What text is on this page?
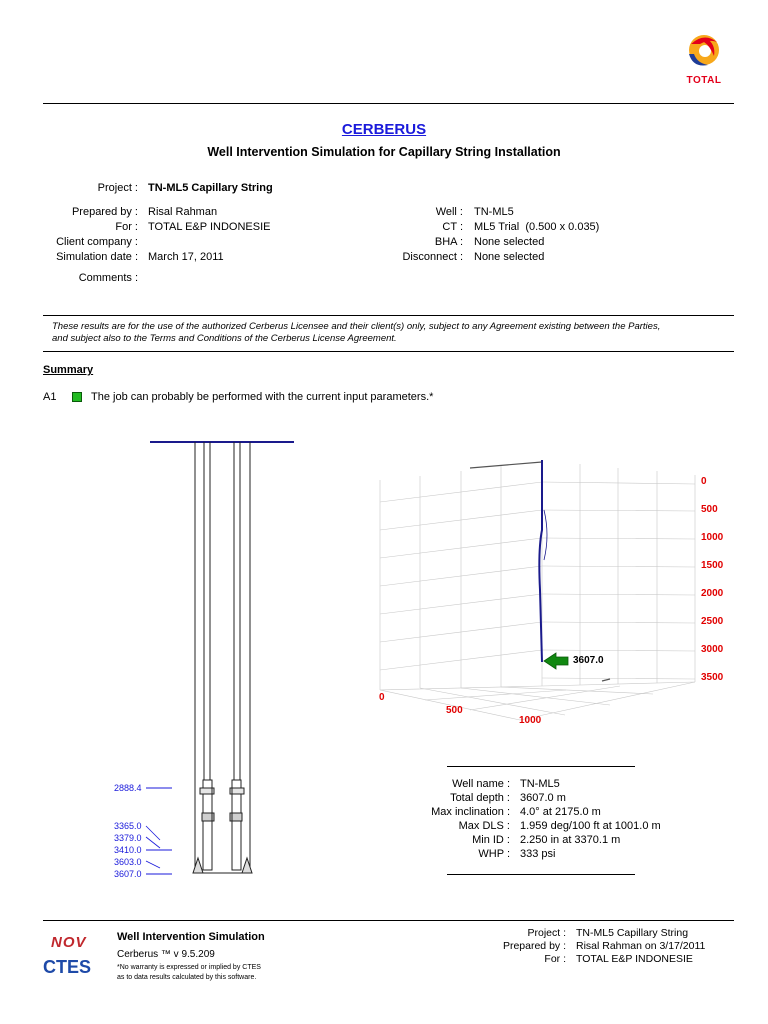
TOTAL
CERBERUS
Well Intervention Simulation for Capillary String Installation
Project : TN-ML5 Capillary String
Prepared by : Risal Rahman
For : TOTAL E&P INDONESIE
Client company :
Simulation date : March 17, 2011
Comments :
Well : TN-ML5
CT : ML5 Trial  (0.500 x 0.035)
BHA : None selected
Disconnect : None selected
These results are for the use of the authorized Cerberus Licensee and their client(s) only, subject to any Agreement existing between the Parties, and subject also to the Terms and Conditions of the Cerberus License Agreement.
Summary
A1	The job can probably be performed with the current input parameters.*
2888.4
3365.0
3379.0
3410.0
3603.0
3607.0
3607.0
0
500
1000
1500
2000
2500
3000
3500
0
500
1000
Well name : TN-ML5
Total depth : 3607.0 m
Max inclination : 4.0° at 2175.0 m
Max DLS : 1.959 deg/100 ft at 1001.0 m
Min ID : 2.250 in at 3370.1 m
WHP : 333 psi
NOV
CTES
Well Intervention Simulation
Cerberus ™ v 9.5.209
*No warranty is expressed or implied by CTES
as to data results calculated by this software.
Project : TN-ML5 Capillary String
Prepared by : Risal Rahman on 3/17/2011
For : TOTAL E&P INDONESIE
